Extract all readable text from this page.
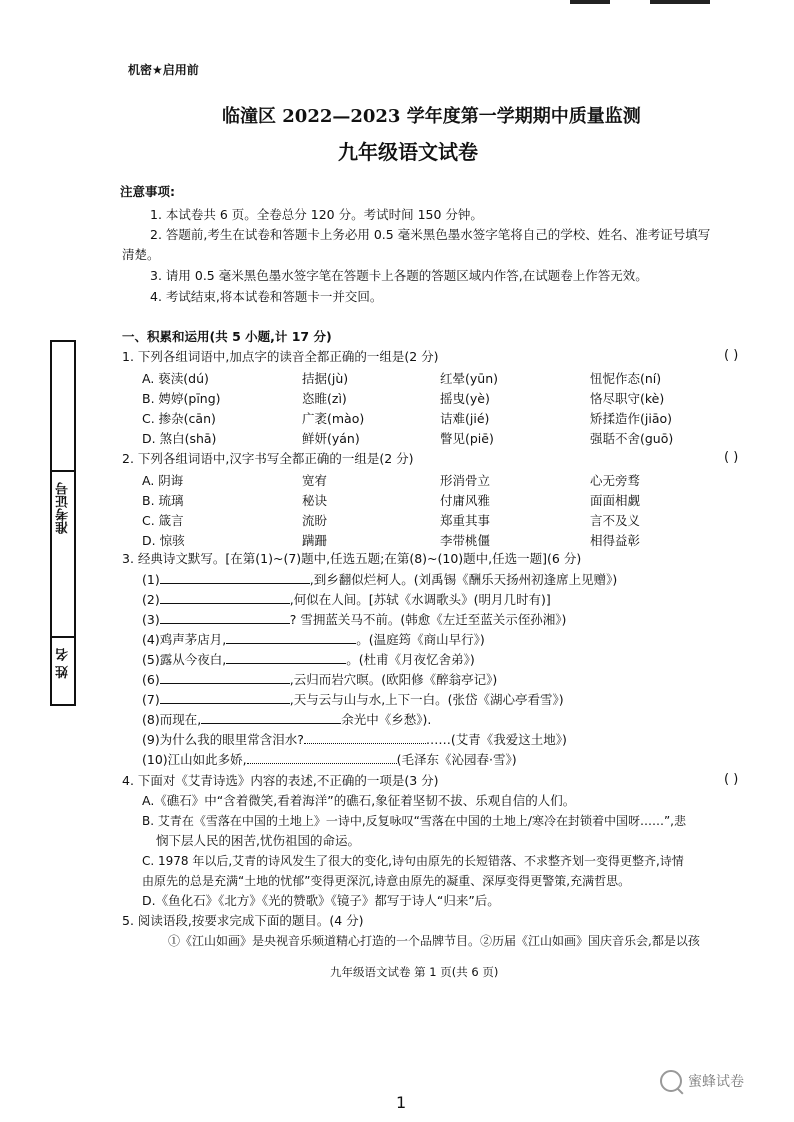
机密★启用前
临潼区 2022—2023 学年度第一学期期中质量监测
九年级语文试卷
注意事项:
1. 本试卷共 6 页。全卷总分 120 分。考试时间 150 分钟。
2. 答题前,考生在试卷和答题卡上务必用 0.5 毫米黑色墨水签字笔将自己的学校、姓名、准考证号填写
清楚。
3. 请用 0.5 毫米黑色墨水签字笔在答题卡上各题的答题区域内作答,在试题卷上作答无效。
4. 考试结束,将本试卷和答题卡一并交回。
准考证号
姓 名
一、积累和运用(共 5 小题,计 17 分)
1. 下列各组词语中,加点字的读音全都正确的一组是(2 分)	( )
A. 亵渎(dú)	拮据(jù)	红晕(yūn)	忸怩作态(ní)
B. 娉婷(pīng)	恣睢(zì)	摇曳(yè)	恪尽职守(kè)
C. 掺杂(cān)	广袤(mào)	诘难(jié)	矫揉造作(jiāo)
D. 煞白(shā)	鲜妍(yán)	瞥见(piē)	强聒不舍(guō)
2. 下列各组词语中,汉字书写全都正确的一组是(2 分)	( )
A. 阴诲	宽宥	形消骨立	心无旁骛
B. 琉璃	秘诀	付庸风雅	面面相觑
C. 箴言	流盼	郑重其事	言不及义
D. 惊骇	蹒跚	李带桃僵	相得益彰
3. 经典诗文默写。[在第(1)~(7)题中,任选五题;在第(8)~(10)题中,任选一题](6 分)
(1)	,到乡翻似烂柯人。(刘禹锡《酬乐天扬州初逢席上见赠》)
(2)	,何似在人间。[苏轼《水调歌头》(明月几时有)]
(3)	? 雪拥蓝关马不前。(韩愈《左迁至蓝关示侄孙湘》)
(4)鸡声茅店月,	。(温庭筠《商山早行》)
(5)露从今夜白,	。(杜甫《月夜忆舍弟》)
(6)	,云归而岩穴暝。(欧阳修《醉翁亭记》)
(7)	,天与云与山与水,上下一白。(张岱《湖心亭看雪》)
(8)而现在,	余光中《乡愁》).
(9)为什么我的眼里常含泪水?	……(艾青《我爱这土地》)
(10)江山如此多娇,	(毛泽东《沁园春·雪》)
4. 下面对《艾青诗选》内容的表述,不正确的一项是(3 分)	( )
A.《礁石》中“含着微笑,看着海洋”的礁石,象征着坚韧不拔、乐观自信的人们。
B. 艾青在《雪落在中国的土地上》一诗中,反复咏叹“雪落在中国的土地上/寒冷在封锁着中国呀……”,悲
悯下层人民的困苦,忧伤祖国的命运。
C. 1978 年以后,艾青的诗风发生了很大的变化,诗句由原先的长短错落、不求整齐划一变得更整齐,诗情
由原先的总是充满“土地的忧郁”变得更深沉,诗意由原先的凝重、深厚变得更警策,充满哲思。
D.《鱼化石》《北方》《光的赞歌》《镜子》都写于诗人“归来”后。
5. 阅读语段,按要求完成下面的题目。(4 分)
①《江山如画》是央视音乐频道精心打造的一个品牌节目。②历届《江山如画》国庆音乐会,都是以孩
九年级语文试卷 第 1 页(共 6 页)
1
蜜蜂试卷
